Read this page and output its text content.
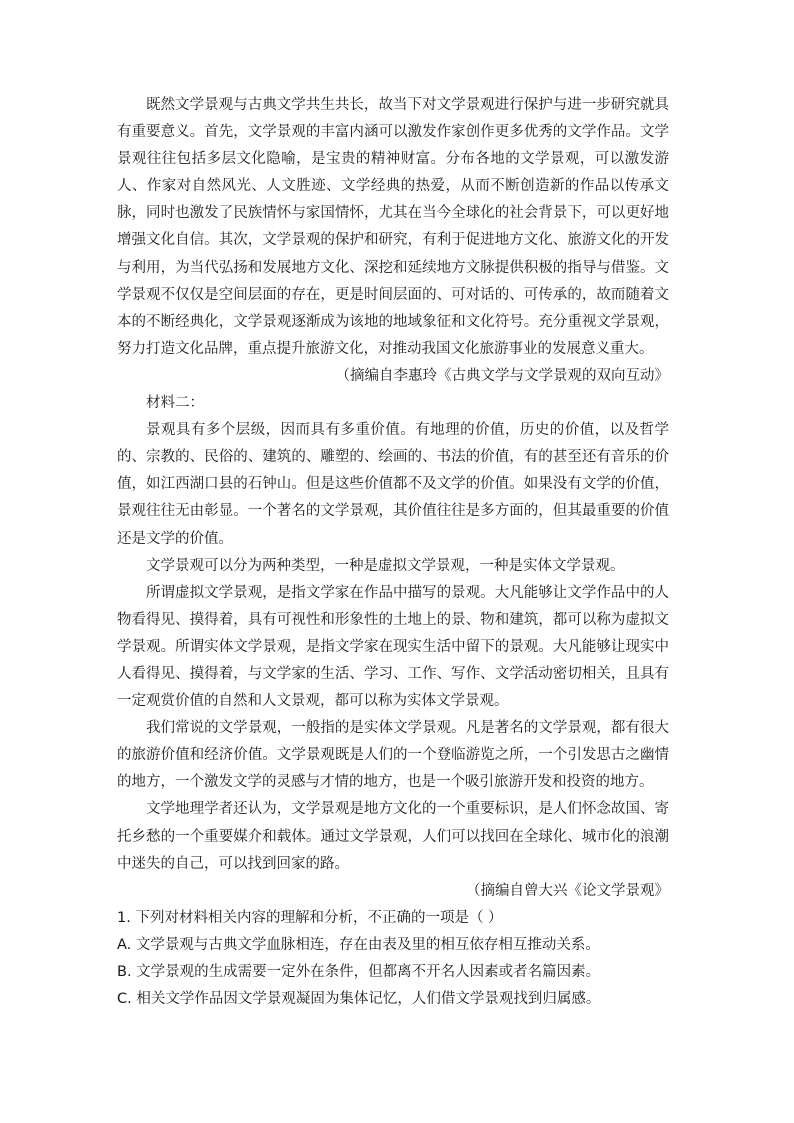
既然文学景观与古典文学共生共长，故当下对文学景观进行保护与进一步研究就具有重要意义。首先，文学景观的丰富内涵可以激发作家创作更多优秀的文学作品。文学景观往往包括多层文化隐喻，是宝贵的精神财富。分布各地的文学景观，可以激发游人、作家对自然风光、人文胜迹、文学经典的热爱，从而不断创造新的作品以传承文脉，同时也激发了民族情怀与家国情怀，尤其在当今全球化的社会背景下，可以更好地增强文化自信。其次，文学景观的保护和研究，有利于促进地方文化、旅游文化的开发与利用，为当代弘扬和发展地方文化、深挖和延续地方文脉提供积极的指导与借鉴。文学景观不仅仅是空间层面的存在，更是时间层面的、可对话的、可传承的，故而随着文本的不断经典化，文学景观逐渐成为该地的地域象征和文化符号。充分重视文学景观，努力打造文化品牌，重点提升旅游文化，对推动我国文化旅游事业的发展意义重大。

（摘编自李惠玲《古典文学与文学景观的双向互动》

材料二：

景观具有多个层级，因而具有多重价值。有地理的价值，历史的价值，以及哲学的、宗教的、民俗的、建筑的、雕塑的、绘画的、书法的价值，有的甚至还有音乐的价值，如江西湖口县的石钟山。但是这些价值都不及文学的价值。如果没有文学的价值，景观往往无由彰显。一个著名的文学景观，其价值往往是多方面的，但其最重要的价值还是文学的价值。

文学景观可以分为两种类型，一种是虚拟文学景观，一种是实体文学景观。

所谓虚拟文学景观，是指文学家在作品中描写的景观。大凡能够让文学作品中的人物看得见、摸得着，具有可视性和形象性的土地上的景、物和建筑，都可以称为虚拟文学景观。所谓实体文学景观，是指文学家在现实生活中留下的景观。大凡能够让现实中人看得见、摸得着，与文学家的生活、学习、工作、写作、文学活动密切相关，且具有一定观赏价值的自然和人文景观，都可以称为实体文学景观。

我们常说的文学景观，一般指的是实体文学景观。凡是著名的文学景观，都有很大的旅游价值和经济价值。文学景观既是人们的一个登临游览之所，一个引发思古之幽情的地方，一个激发文学的灵感与才情的地方，也是一个吸引旅游开发和投资的地方。

文学地理学者还认为，文学景观是地方文化的一个重要标识，是人们怀念故国、寄托乡愁的一个重要媒介和载体。通过文学景观，人们可以找回在全球化、城市化的浪潮中迷失的自己，可以找到回家的路。

（摘编自曾大兴《论文学景观》

1. 下列对材料相关内容的理解和分析，不正确的一项是（ ）

A. 文学景观与古典文学血脉相连，存在由表及里的相互依存相互推动关系。

B. 文学景观的生成需要一定外在条件，但都离不开名人因素或者名篇因素。

C. 相关文学作品因文学景观凝固为集体记忆，人们借文学景观找到归属感。
